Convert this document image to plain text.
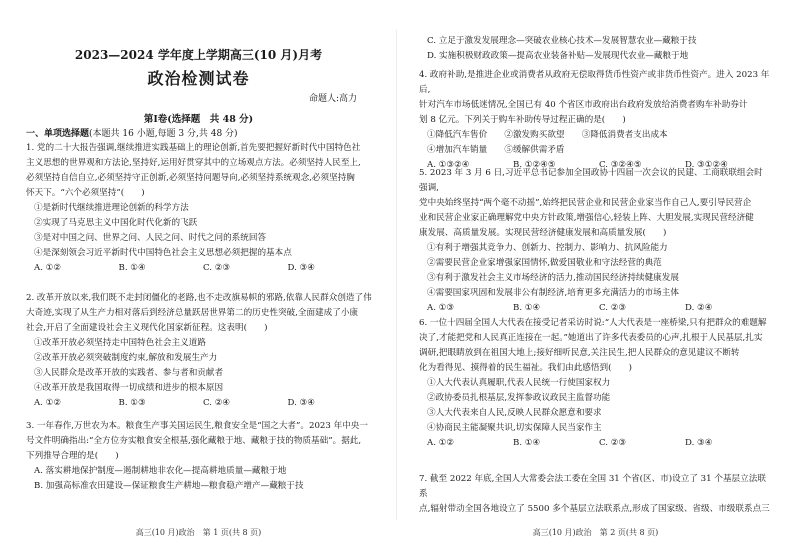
2023—2024 学年度上学期高三(10 月)月考
政治检测试卷
命题人:高力
第Ⅰ卷(选择题　共 48 分)
一、单项选择题(本题共 16 小题,每题 3 分,共 48 分)

1. 党的二十大报告强调,继续推进实践基础上的理论创新,首先要把握好新时代中国特色社

主义思想的世界观和方法论,坚持好,运用好贯穿其中的立场观点方法。必须坚持人民至上,

必须坚持自信自立,必须坚持守正创新,必须坚持问题导向,必须坚持系统观念,必须坚持胸

怀天下。“六个必须坚持”(　　)

①是新时代继续推进理论创新的科学方法

②实现了马克思主义中国化时代化新的飞跃

③是对中国之问、世界之问、人民之问、时代之问的系统回答

④是深刻领会习近平新时代中国特色社会主义思想必须把握的基本点

A. ①②	B. ①④	C. ②③	D. ③④

2. 改革开放以来,我们既不走封闭僵化的老路,也不走改旗易帜的邪路,依靠人民群众创造了伟

大奇迹,实现了从生产力相对落后到经济总量跃居世界第二的历史性突破,全面建成了小康

社会,开启了全面建设社会主义现代化国家新征程。这表明(　　)

①改革开放必须坚持走中国特色社会主义道路

②改革开放必须突破制度约束,解放和发展生产力

③人民群众是改革开放的实践者、参与者和贡献者

④改革开放是我国取得一切成绩和进步的根本原因

A. ①②	B. ①③	C. ②④	D. ③④

3. 一年春作,万世农为本。粮食生产事关国运民生,粮食安全是“国之大者”。2023 年中央一

号文件明确指出:“全方位夯实粮食安全根基,强化藏粮于地、藏粮于技的物质基础”。据此,

下列推导合理的是(　　)

A. 落实耕地保护制度—遏制耕地非农化—提高耕地质量—藏粮于地

B. 加强高标准农田建设—保证粮食生产耕地—粮食稳产增产—藏粮于技

高三(10 月)政治　第 1 页(共 8 页)

C. 立足于激发发展理念—突破农业核心技术—发展智慧农业—藏粮于技

D. 实施积极财政政策—提高农业装备补贴—发展现代农业—藏粮于地

4. 政府补助,是推进企业或消费者从政府无偿取得货币性资产或非货币性资产。进入 2023 年后,

针对汽车市场低迷情况,全国已有 40 个省区市政府出台政府发放给消费者购车补助券计

划 8 亿元。下列关于购车补助传导过程正确的是(　　)

①降低汽车售价　　②激发购买欲望　　③降低消费者支出成本

④增加汽车销量　　⑤缓解供需矛盾

A. ①③②④	B. ①②④⑤	C. ③②④⑤	D. ③①②④

5. 2023 年 3 月 6 日,习近平总书记参加全国政协十四届一次会议的民建、工商联联组会时强调,

党中央始终坚持“两个毫不动摇”,始终把民营企业和民营企业家当作自己人,要引导民营企

业和民营企业家正确理解党中央方针政策,增强信心,轻装上阵、大胆发展,实现民营经济健

康发展、高质量发展。实现民营经济健康发展和高质量发展(　　)

①有利于增强其竞争力、创新力、控制力、影响力、抗风险能力

②需要民营企业家增强家国情怀,做爱国敬业和守法经营的典范

③有利于激发社会主义市场经济的活力,推动国民经济持续健康发展

④需要国家巩固和发展非公有制经济,培育更多充满活力的市场主体

A. ①③	B. ①④	C. ②③	D. ②④

6. 一位十四届全国人大代表在接受记者采访时说:“人大代表是一座桥梁,只有把群众的难题解

决了,才能把党和人民真正连接在一起。”她道出了许多代表委员的心声,扎根于人民基层,扎实

调研,把眼睛放到在祖国大地上;接好细听民意,关注民生,把人民群众的意见建议不断转

化为看得见、摸得着的民生福祉。我们由此感悟到(　　)

①人大代表认真履职,代表人民统一行使国家权力

②政协委员扎根基层,发挥参政议政民主监督功能

③人大代表来自人民,反映人民群众愿意和要求

④协商民主能凝聚共识,切实保障人民当家作主

A. ①②	B. ①④	C. ②③	D. ③④

7. 截至 2022 年底,全国人大常委会法工委在全国 31 个省(区、市)设立了 31 个基层立法联系

点,辐射带动全国各地设立了 5500 多个基层立法联系点,形成了国家级、省级、市级联系点三

高三(10 月)政治　第 2 页(共 8 页)
